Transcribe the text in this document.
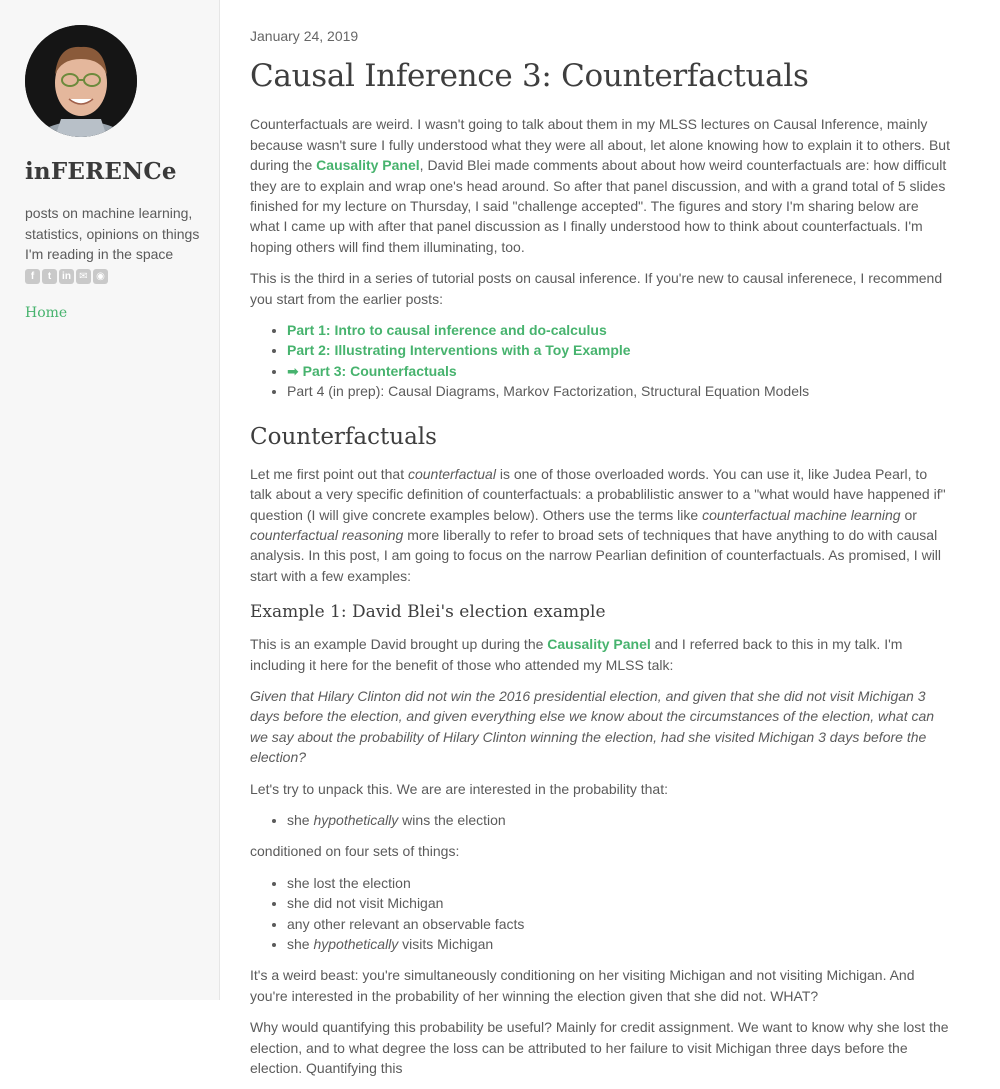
inFERENCe
posts on machine learning, statistics, opinions on things I'm reading in the space
f	t	in ✉ ◉
Home
January 24, 2019
Causal Inference 3: Counterfactuals

Counterfactuals are weird. I wasn't going to talk about them in my MLSS lectures on Causal Inference, mainly because wasn't sure I fully understood what they were all about, let alone knowing how to explain it to others. But during the Causality Panel, David Blei made comments about about how weird counterfactuals are: how difficult they are to explain and wrap one's head around. So after that panel discussion, and with a grand total of 5 slides finished for my lecture on Thursday, I said "challenge accepted". The figures and story I'm sharing below are what I came up with after that panel discussion as I finally understood how to think about counterfactuals. I'm hoping others will find them illuminating, too.

This is the third in a series of tutorial posts on causal inference. If you're new to causal inferenece, I recommend you start from the earlier posts:

• Part 1: Intro to causal inference and do-calculus
• Part 2: Illustrating Interventions with a Toy Example
• ➡ Part 3: Counterfactuals
• Part 4 (in prep): Causal Diagrams, Markov Factorization, Structural Equation Models
Counterfactuals

Let me first point out that counterfactual is one of those overloaded words. You can use it, like Judea Pearl, to talk about a very specific definition of counterfactuals: a probablilistic answer to a "what would have happened if" question (I will give concrete examples below). Others use the terms like counterfactual machine learning or counterfactual reasoning more liberally to refer to broad sets of techniques that have anything to do with causal analysis. In this post, I am going to focus on the narrow Pearlian definition of counterfactuals. As promised, I will start with a few examples:

Example 1: David Blei's election example

This is an example David brought up during the Causality Panel and I referred back to this in my talk. I'm including it here for the benefit of those who attended my MLSS talk:

Given that Hilary Clinton did not win the 2016 presidential election, and given that she did not visit Michigan 3 days before the election, and given everything else we know about the circumstances of the election, what can we say about the probability of Hilary Clinton winning the election, had she visited Michigan 3 days before the election?

Let's try to unpack this. We are are interested in the probability that:

• she hypothetically wins the election

conditioned on four sets of things:

• she lost the election
• she did not visit Michigan
• any other relevant an observable facts
• she hypothetically visits Michigan

It's a weird beast: you're simultaneously conditioning on her visiting Michigan and not visiting Michigan. And you're interested in the probability of her winning the election given that she did not. WHAT?

Why would quantifying this probability be useful? Mainly for credit assignment. We want to know why she lost the election, and to what degree the loss can be attributed to her failure to visit Michigan three days before the election. Quantifying this
